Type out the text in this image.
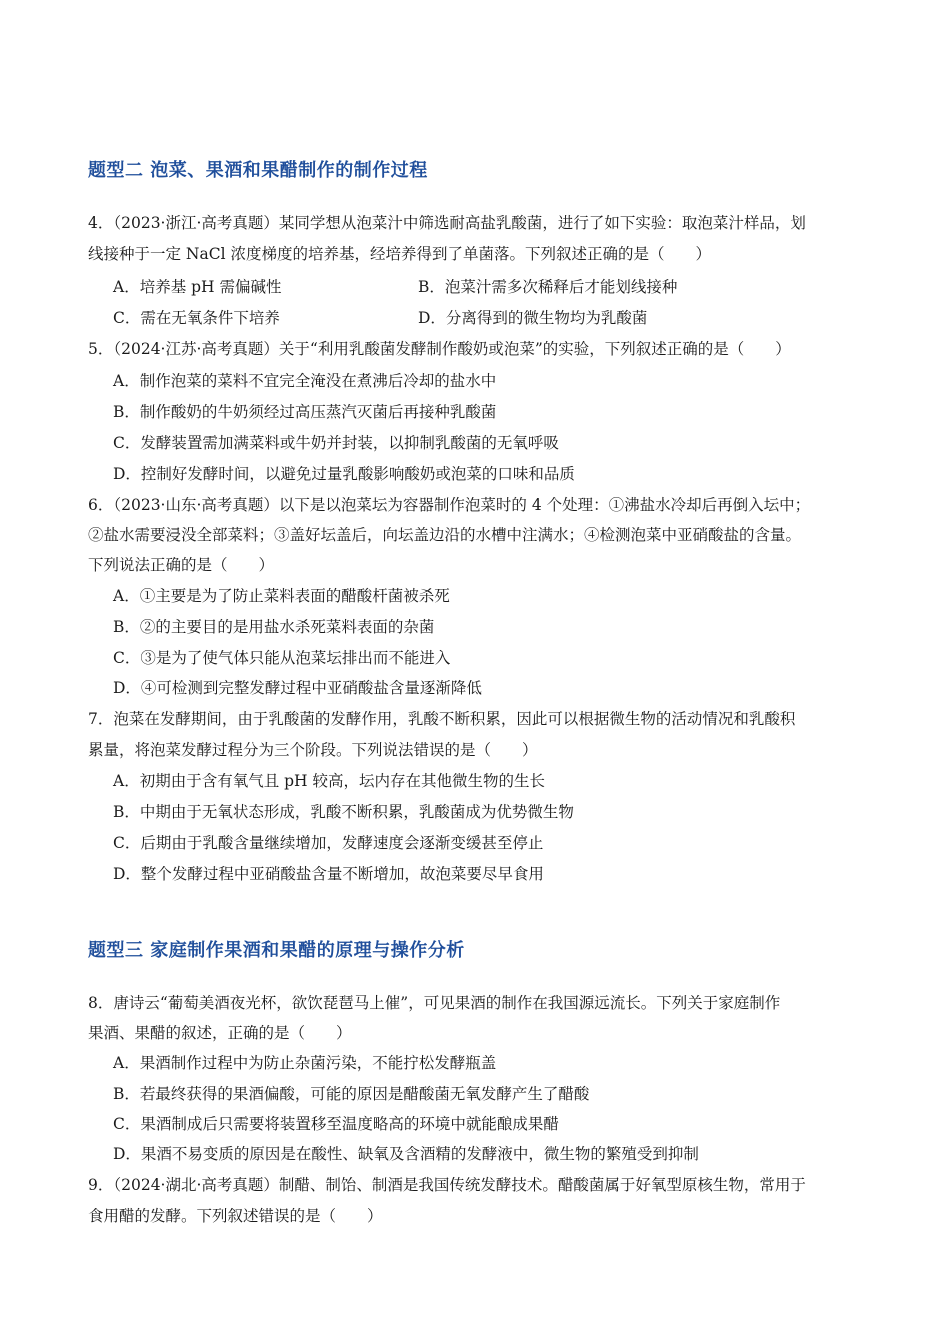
题型二 泡菜、果酒和果醋制作的制作过程
4．（2023·浙江·高考真题）某同学想从泡菜汁中筛选耐高盐乳酸菌，进行了如下实验：取泡菜汁样品，划
线接种于一定 NaCl 浓度梯度的培养基，经培养得到了单菌落。下列叙述正确的是（　　）
A．培养基 pH 需偏碱性	B．泡菜汁需多次稀释后才能划线接种
C．需在无氧条件下培养	D．分离得到的微生物均为乳酸菌
5．（2024·江苏·高考真题）关于“利用乳酸菌发酵制作酸奶或泡菜”的实验，下列叙述正确的是（　　）
A．制作泡菜的菜料不宜完全淹没在煮沸后冷却的盐水中
B．制作酸奶的牛奶须经过高压蒸汽灭菌后再接种乳酸菌
C．发酵装置需加满菜料或牛奶并封装，以抑制乳酸菌的无氧呼吸
D．控制好发酵时间，以避免过量乳酸影响酸奶或泡菜的口味和品质
6．（2023·山东·高考真题）以下是以泡菜坛为容器制作泡菜时的 4 个处理：①沸盐水冷却后再倒入坛中；
②盐水需要浸没全部菜料；③盖好坛盖后，向坛盖边沿的水槽中注满水；④检测泡菜中亚硝酸盐的含量。
下列说法正确的是（　　）
A．①主要是为了防止菜料表面的醋酸杆菌被杀死
B．②的主要目的是用盐水杀死菜料表面的杂菌
C．③是为了使气体只能从泡菜坛排出而不能进入
D．④可检测到完整发酵过程中亚硝酸盐含量逐渐降低
7．泡菜在发酵期间，由于乳酸菌的发酵作用，乳酸不断积累，因此可以根据微生物的活动情况和乳酸积
累量，将泡菜发酵过程分为三个阶段。下列说法错误的是（　　）
A．初期由于含有氧气且 pH 较高，坛内存在其他微生物的生长
B．中期由于无氧状态形成，乳酸不断积累，乳酸菌成为优势微生物
C．后期由于乳酸含量继续增加，发酵速度会逐渐变缓甚至停止
D．整个发酵过程中亚硝酸盐含量不断增加，故泡菜要尽早食用
题型三 家庭制作果酒和果醋的原理与操作分析
8．唐诗云“葡萄美酒夜光杯，欲饮琵琶马上催”，可见果酒的制作在我国源远流长。下列关于家庭制作
果酒、果醋的叙述，正确的是（　　）
A．果酒制作过程中为防止杂菌污染，不能拧松发酵瓶盖
B．若最终获得的果酒偏酸，可能的原因是醋酸菌无氧发酵产生了醋酸
C．果酒制成后只需要将装置移至温度略高的环境中就能酿成果醋
D．果酒不易变质的原因是在酸性、缺氧及含酒精的发酵液中，微生物的繁殖受到抑制
9．（2024·湖北·高考真题）制醋、制饴、制酒是我国传统发酵技术。醋酸菌属于好氧型原核生物，常用于
食用醋的发酵。下列叙述错误的是（　　）
